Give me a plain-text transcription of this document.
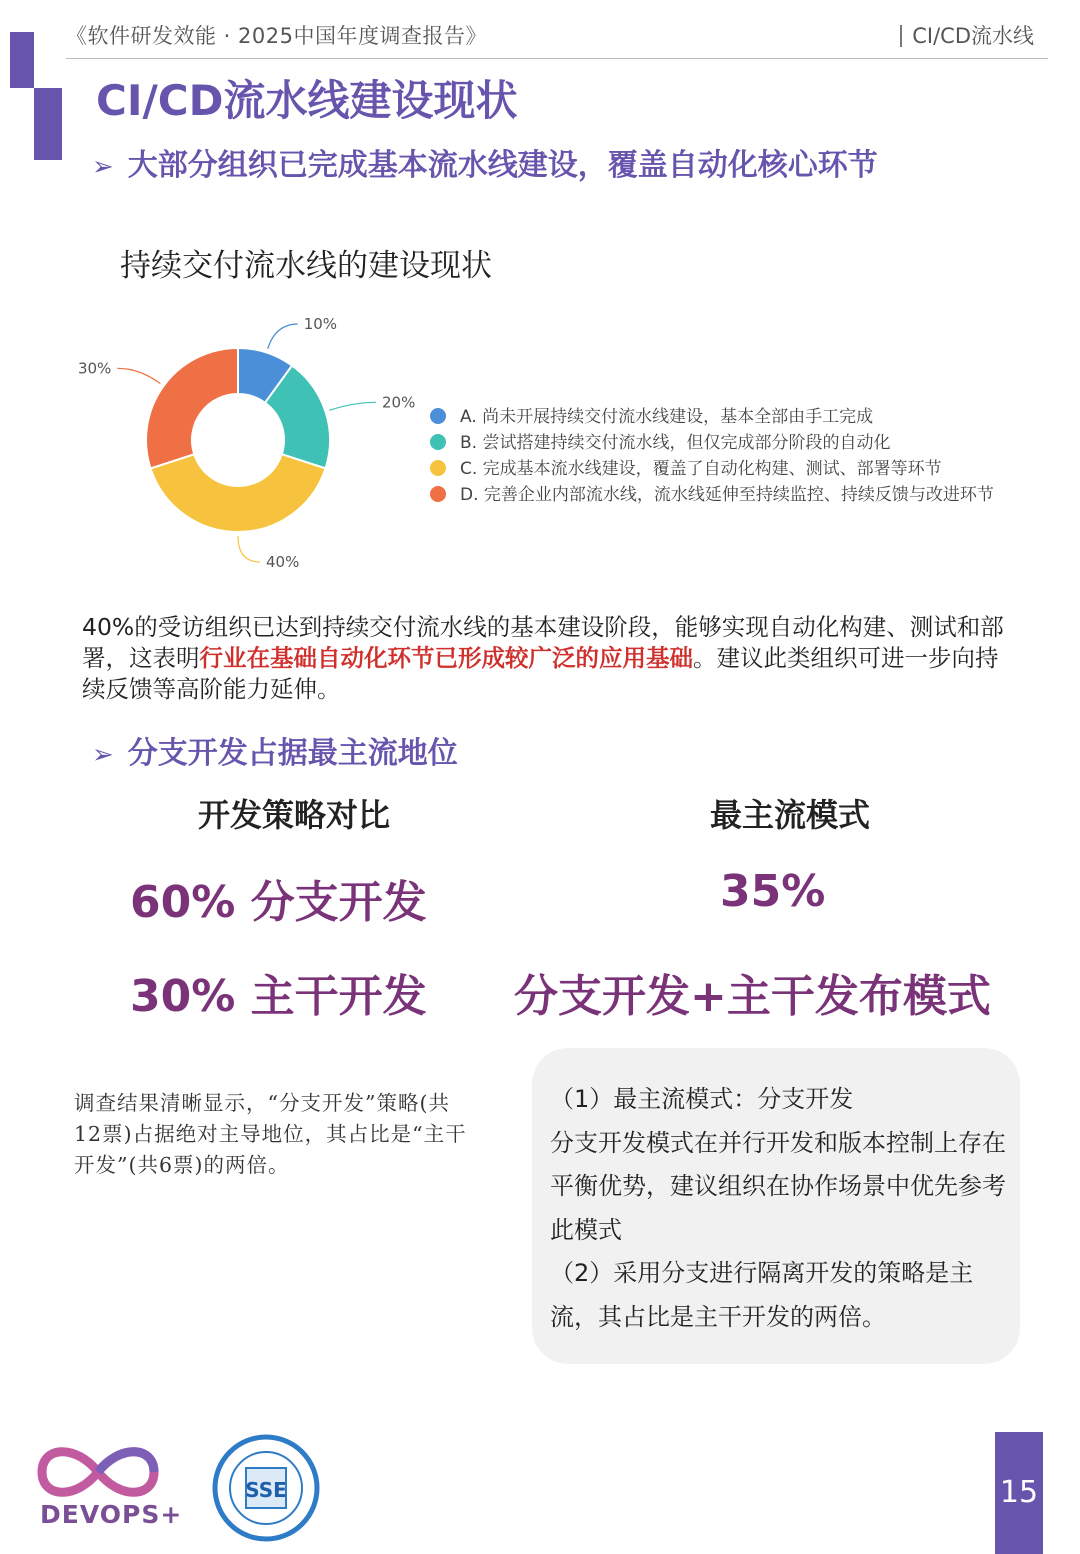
《软件研发效能 · 2025中国年度调查报告》	CI/CD流水线
CI/CD流水线建设现状
➢ 大部分组织已完成基本流水线建设，覆盖自动化核心环节
持续交付流水线的建设现状
10%
20%
40%
30%
A. 尚未开展持续交付流水线建设，基本全部由手工完成
B. 尝试搭建持续交付流水线，但仅完成部分阶段的自动化
C. 完成基本流水线建设，覆盖了自动化构建、测试、部署等环节
D. 完善企业内部流水线，流水线延伸至持续监控、持续反馈与改进环节
40%的受访组织已达到持续交付流水线的基本建设阶段，能够实现自动化构建、测试和部署，这表明行业在基础自动化环节已形成较广泛的应用基础。建议此类组织可进一步向持续反馈等高阶能力延伸。
➢ 分支开发占据最主流地位
开发策略对比	最主流模式
60% 分支开发
30% 主干开发
35%
分支开发+主干发布模式
调查结果清晰显示，“分支开发”策略(共12票)占据绝对主导地位，其占比是“主干开发”(共6票)的两倍。
（1）最主流模式：分支开发
分支开发模式在并行开发和版本控制上存在平衡优势，建议组织在协作场景中优先参考此模式
（2）采用分支进行隔离开发的策略是主流，其占比是主干开发的两倍。
DEVOPS+
SSE	15
